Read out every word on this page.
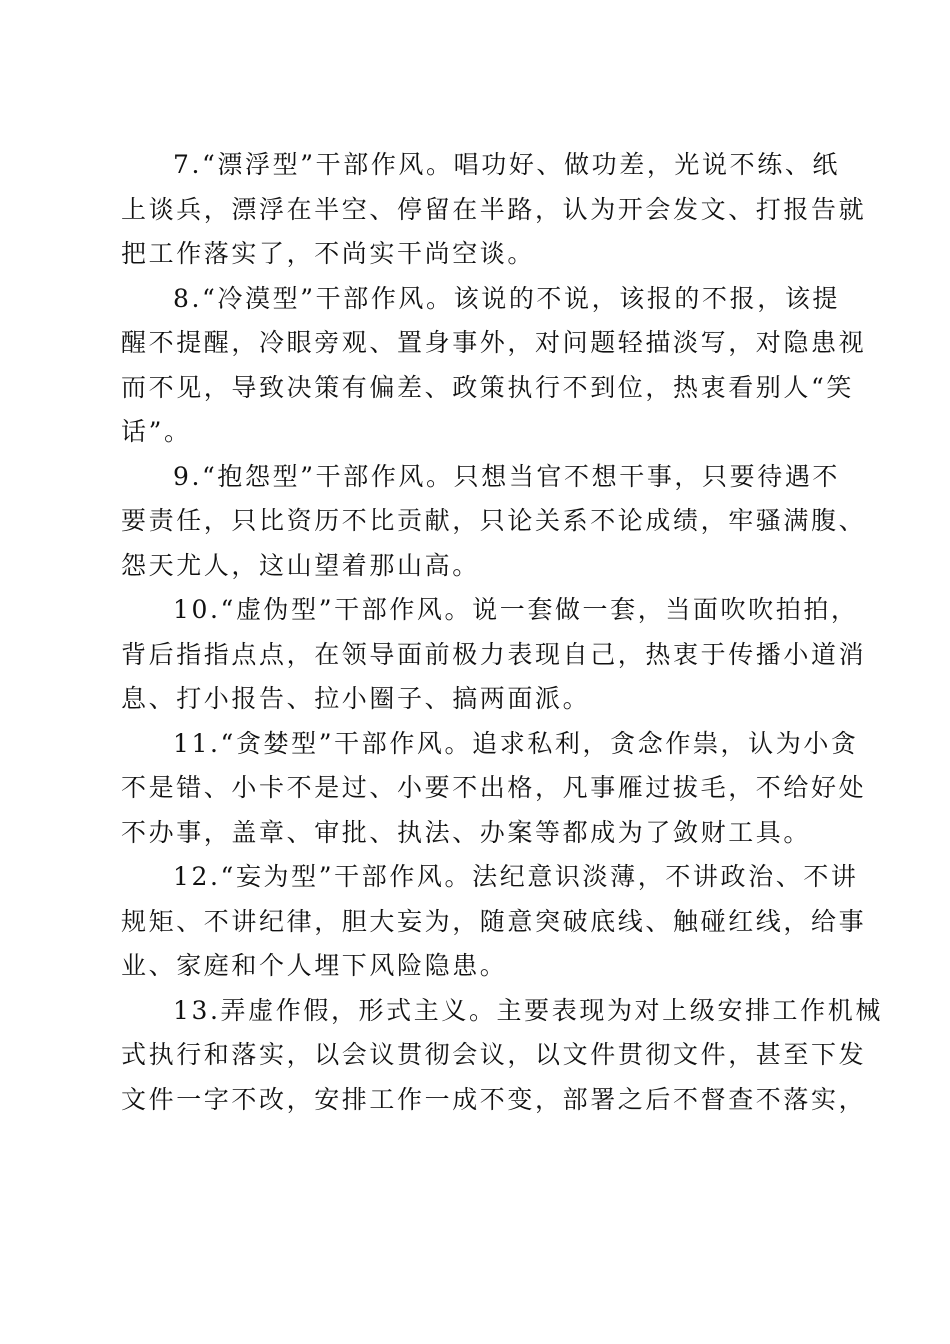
7.“漂浮型”干部作风。唱功好、做功差，光说不练、纸
上谈兵，漂浮在半空、停留在半路，认为开会发文、打报告就
把工作落实了，不尚实干尚空谈。
8.“冷漠型”干部作风。该说的不说，该报的不报，该提
醒不提醒，冷眼旁观、置身事外，对问题轻描淡写，对隐患视
而不见，导致决策有偏差、政策执行不到位，热衷看别人“笑
话”。
9.“抱怨型”干部作风。只想当官不想干事，只要待遇不
要责任，只比资历不比贡献，只论关系不论成绩，牢骚满腹、
怨天尤人，这山望着那山高。
10.“虚伪型”干部作风。说一套做一套，当面吹吹拍拍，
背后指指点点，在领导面前极力表现自己，热衷于传播小道消
息、打小报告、拉小圈子、搞两面派。
11.“贪婪型”干部作风。追求私利，贪念作祟，认为小贪
不是错、小卡不是过、小要不出格，凡事雁过拔毛，不给好处
不办事，盖章、审批、执法、办案等都成为了敛财工具。
12.“妄为型”干部作风。法纪意识淡薄，不讲政治、不讲
规矩、不讲纪律，胆大妄为，随意突破底线、触碰红线，给事
业、家庭和个人埋下风险隐患。
13.弄虚作假，形式主义。主要表现为对上级安排工作机械
式执行和落实，以会议贯彻会议，以文件贯彻文件，甚至下发
文件一字不改，安排工作一成不变，部署之后不督查不落实，
